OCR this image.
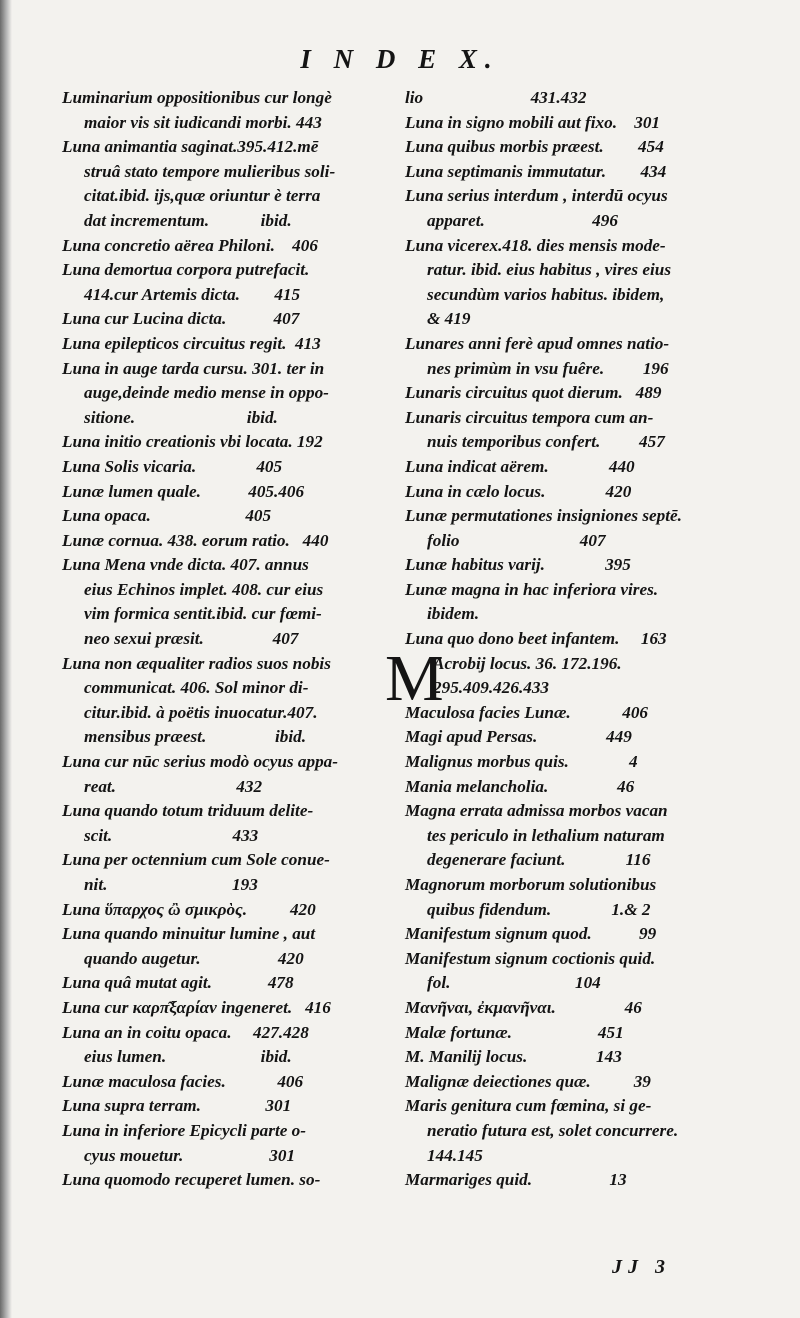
I N D E X.
Luminarium oppositionibus cur longè
maior vis sit iudicandi morbi. 443
Luna animantia saginat.395.412.mē
struâ stato tempore mulieribus soli-
citat.ibid. ijs,quæ oriuntur è terra
dat incrementum.            ibid.
Luna concretio aërea Philoni.    406
Luna demortua corpora putrefacit.
414.cur Artemis dicta.        415
Luna cur Lucina dicta.           407
Luna epilepticos circuitus regit.  413
Luna in auge tarda cursu. 301. ter in
auge,deinde medio mense in oppo-
sitione.                          ibid.
Luna initio creationis vbi locata. 192
Luna Solis vicaria.              405
Lunæ lumen quale.           405.406
Luna opaca.                      405
Lunæ cornua. 438. eorum ratio.   440
Luna Mena vnde dicta. 407. annus
eius Echinos implet. 408. cur eius
vim formica sentit.ibid. cur fœmi-
neo sexui præsit.                407
Luna non æqualiter radios suos nobis
communicat. 406. Sol minor di-
citur.ibid. à poëtis inuocatur.407.
mensibus præest.                ibid.
Luna cur nūc serius modò ocyus appa-
reat.                            432
Luna quando totum triduum delite-
scit.                            433
Luna per octennium cum Sole conue-
nit.                             193
Luna ὕπαρχος ὢ σμικρὸς.          420
Luna quando minuitur lumine , aut
quando augetur.                  420
Luna quâ mutat agit.             478
Luna cur καρπ͂ξαρίαν ingeneret.   416
Luna an in coitu opaca.     427.428
eius lumen.                      ibid.
Lunæ maculosa facies.            406
Luna supra terram.               301
Luna in inferiore Epicycli parte o-
cyus mouetur.                    301
Luna quomodo recuperet lumen. so-
lio                         431.432
Luna in signo mobili aut fixo.    301
Luna quibus morbis præest.        454
Luna septimanis immutatur.        434
Luna serius interdum , interdū ocyus
apparet.                         496
Luna vicerex.418. dies mensis mode-
ratur. ibid. eius habitus , vires eius
secundùm varios habitus. ibidem,
& 419
Lunares anni ferè apud omnes natio-
nes primùm in vsu fuêre.         196
Lunaris circuitus quot dierum.   489
Lunaris circuitus tempora cum an-
nuis temporibus confert.         457
Luna indicat aërem.              440
Luna in cælo locus.              420
Lunæ permutationes insigniones septē.
folio                            407
Lunæ habitus varij.              395
Lunæ magna in hac inferiora vires.
ibidem.
Luna quo dono beet infantem.     163
M
Acrobij locus. 36. 172.196.
295.409.426.433
Maculosa facies Lunæ.            406
Magi apud Persas.                449
Malignus morbus quis.              4
Mania melancholia.                46
Magna errata admissa morbos vacan
tes periculo in lethalium naturam
degenerare faciunt.              116
Magnorum morborum solutionibus
quibus fidendum.              1.& 2
Manifestum signum quod.           99
Manifestum signum coctionis quid.
fol.                             104
Μανῆναι, ἐκμανῆναι.                46
Malæ fortunæ.                    451
M. Manilij locus.                143
Malignæ deiectiones quæ.          39
Maris genitura cum fœmina, si ge-
neratio futura est, solet concurrere.
144.145
Marmariges quid.                  13
JJ 3
